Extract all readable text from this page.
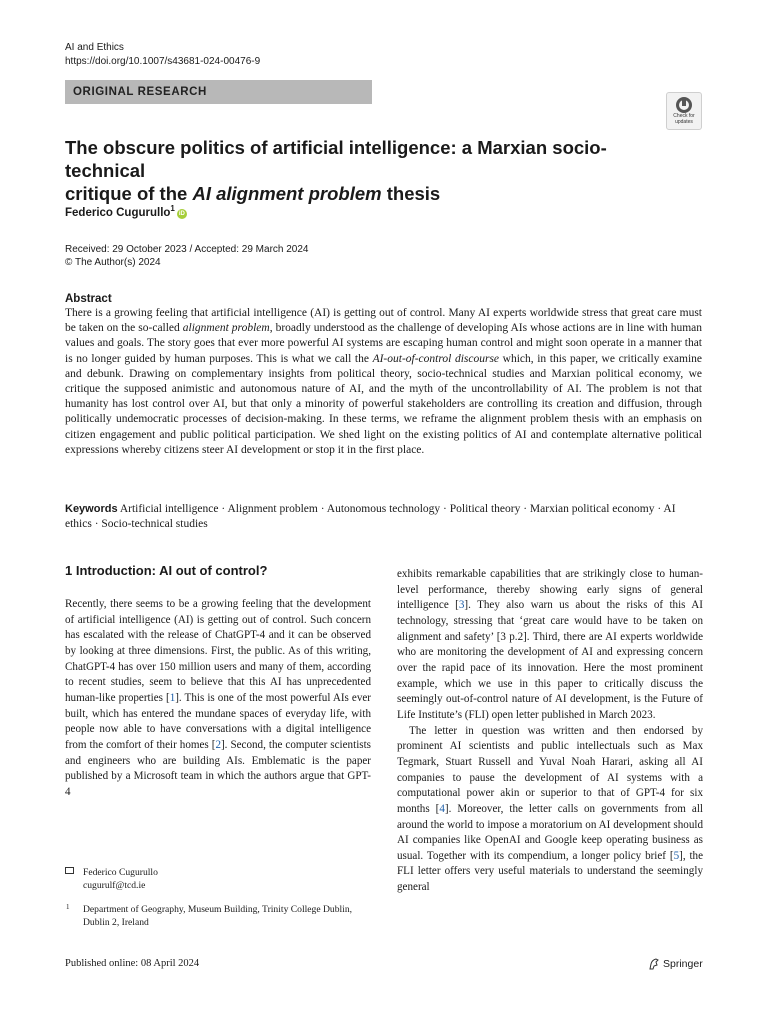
AI and Ethics
https://doi.org/10.1007/s43681-024-00476-9
ORIGINAL RESEARCH
Check for
updates
The obscure politics of artificial intelligence: a Marxian socio-technical
critique of the AI alignment problem thesis
Federico Cugurullo$^1$iD
Received: 29 October 2023 / Accepted: 29 March 2024
© The Author(s) 2024
Abstract

There is a growing feeling that artificial intelligence (AI) is getting out of control. Many AI experts worldwide stress that great care must be taken on the so-called alignment problem, broadly understood as the challenge of developing AIs whose actions are in line with human values and goals. The story goes that ever more powerful AI systems are escaping human control and might soon operate in a manner that is no longer guided by human purposes. This is what we call the AI-out-of-control discourse which, in this paper, we critically examine and debunk. Drawing on complementary insights from political theory, socio-technical studies and Marxian political economy, we critique the supposed animistic and autonomous nature of AI, and the myth of the uncontrollability of AI. The problem is not that humanity has lost control over AI, but that only a minority of powerful stakeholders are controlling its creation and diffusion, through politically undemocratic processes of decision-making. In these terms, we reframe the alignment problem thesis with an emphasis on citizen engagement and public political participation. We shed light on the existing politics of AI and contemplate alternative political expressions whereby citizens steer AI development or stop it in the first place.

Keywords Artificial intelligence · Alignment problem · Autonomous technology · Political theory · Marxian political economy · AI ethics · Socio-technical studies

1 Introduction: AI out of control?

Recently, there seems to be a growing feeling that the development of artificial intelligence (AI) is getting out of control. Such concern has escalated with the release of ChatGPT-4 and it can be observed by looking at three dimensions. First, the public. As of this writing, ChatGPT-4 has over 150 million users and many of them, according to recent studies, seem to believe that this AI has unprecedented human-like properties [1]. This is one of the most powerful AIs ever built, which has entered the mundane spaces of everyday life, with people now able to have conversations with a digital intelligence from the comfort of their homes [2]. Second, the computer scientists and engineers who are building AIs. Emblematic is the paper published by a Microsoft team in which the authors argue that GPT-4

exhibits remarkable capabilities that are strikingly close to human-level performance, thereby showing early signs of general intelligence [3]. They also warn us about the risks of this AI technology, stressing that ‘great care would have to be taken on alignment and safety’ [3 p.2]. Third, there are AI experts worldwide who are monitoring the development of AI and expressing concern over the rapid pace of its innovation. Here the most prominent example, which we use in this paper to critically discuss the seemingly out-of-control nature of AI development, is the Future of Life Institute’s (FLI) open letter published in March 2023.

The letter in question was written and then endorsed by prominent AI scientists and public intellectuals such as Max Tegmark, Stuart Russell and Yuval Noah Harari, asking all AI companies to pause the development of AI systems with a computational power akin or superior to that of GPT-4 for six months [4]. Moreover, the letter calls on governments from all around the world to impose a moratorium on AI development should AI companies like OpenAI and Google keep operating business as usual. Together with its compendium, a longer policy brief [5], the FLI letter offers very useful materials to understand the seemingly general

Federico Cugurullo
cugurulf@tcd.ie
1 Department of Geography, Museum Building, Trinity College Dublin, Dublin 2, Ireland
Published online: 08 April 2024	Springer
